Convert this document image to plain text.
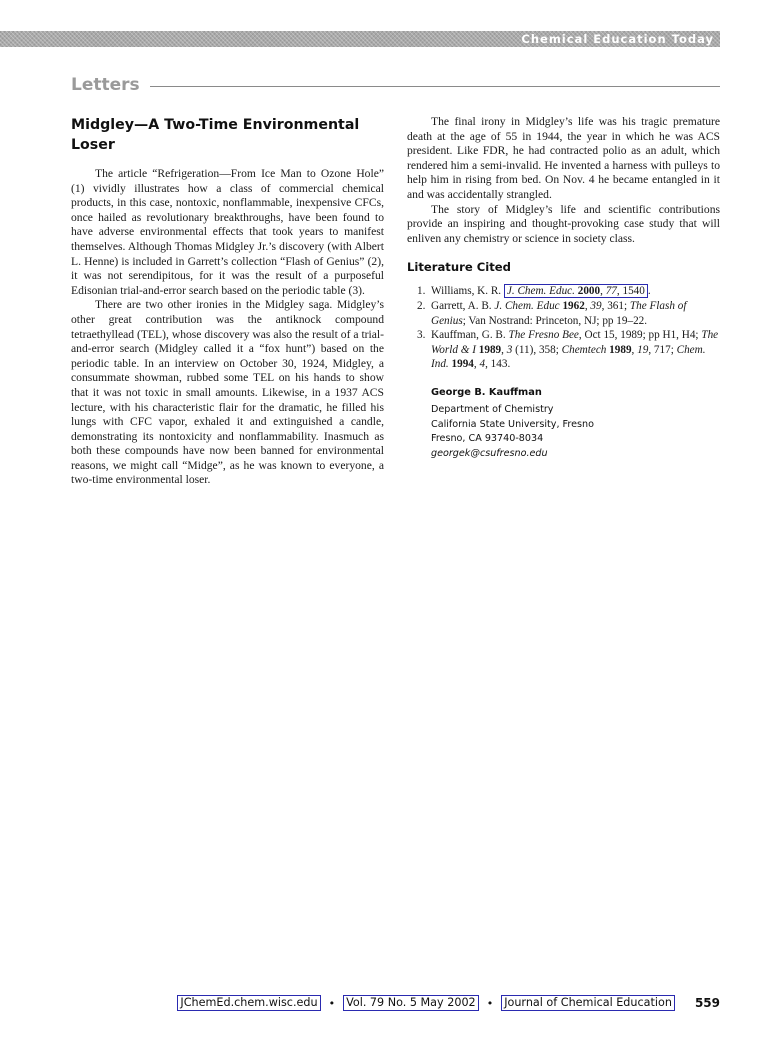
Chemical Education Today
Letters
Midgley—A Two-Time Environmental Loser

The article “Refrigeration—From Ice Man to Ozone Hole” (1) vividly illustrates how a class of commercial chemical products, in this case, nontoxic, nonflammable, inexpensive CFCs, once hailed as revolutionary breakthroughs, have been found to have adverse environmental effects that took years to manifest themselves. Although Thomas Midgley Jr.’s discovery (with Albert L. Henne) is included in Garrett’s collection “Flash of Genius” (2), it was not serendipitous, for it was the result of a purposeful Edisonian trial-and-error search based on the periodic table (3).

There are two other ironies in the Midgley saga. Midgley’s other great contribution was the antiknock compound tetraethyllead (TEL), whose discovery was also the result of a trial-and-error search (Midgley called it a “fox hunt”) based on the periodic table. In an interview on October 30, 1924, Midgley, a consummate showman, rubbed some TEL on his hands to show that it was not toxic in small amounts. Likewise, in a 1937 ACS lecture, with his characteristic flair for the dramatic, he filled his lungs with CFC vapor, exhaled it and extinguished a candle, demonstrating its nontoxicity and nonflammability. Inasmuch as both these compounds have now been banned for environmental reasons, we might call “Midge”, as he was known to everyone, a two-time environmental loser.

The final irony in Midgley’s life was his tragic premature death at the age of 55 in 1944, the year in which he was ACS president. Like FDR, he had contracted polio as an adult, which rendered him a semi-invalid. He invented a harness with pulleys to help him in rising from bed. On Nov. 4 he became entangled in it and was accidentally strangled.

The story of Midgley’s life and scientific contributions provide an inspiring and thought-provoking case study that will enliven any chemistry or science in society class.

Literature Cited
1. Williams, K. R. J. Chem. Educ. 2000, 77, 1540 .
2. Garrett, A. B. J. Chem. Educ 1962, 39, 361; The Flash of Genius; Van Nostrand: Princeton, NJ; pp 19–22.
3. Kauffman, G. B. The Fresno Bee, Oct 15, 1989; pp H1, H4; The World & I 1989, 3 (11), 358; Chemtech 1989, 19, 717; Chem. Ind. 1994, 4, 143.
George B. Kauffman
Department of Chemistry
California State University, Fresno
Fresno, CA 93740-8034
georgek@csufresno.edu
JChemEd.chem.wisc.edu • Vol. 79 No. 5 May 2002 • Journal of Chemical Education 559
